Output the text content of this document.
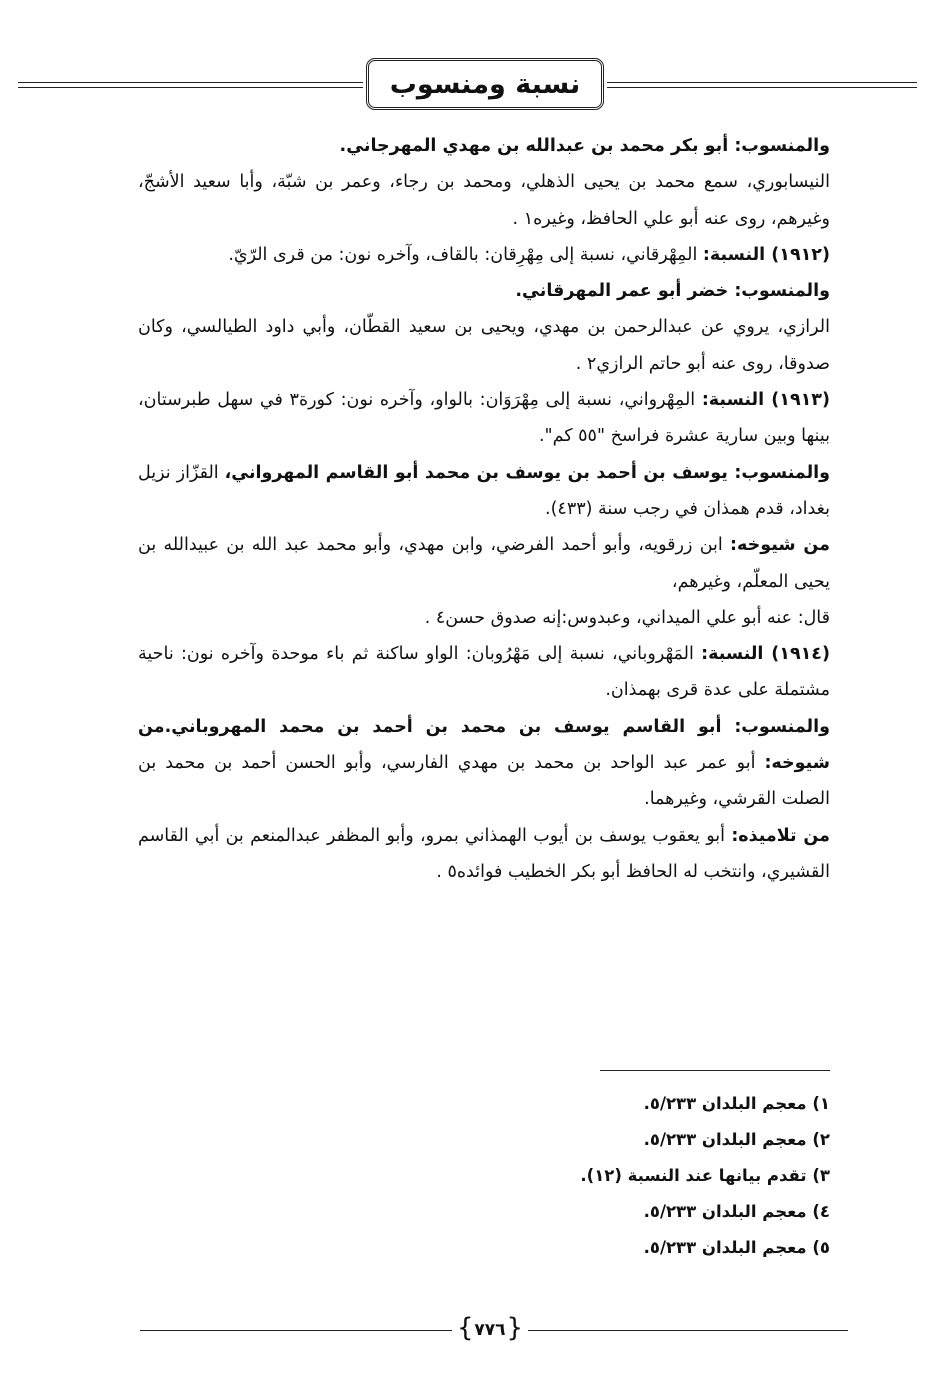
نسبة ومنسوب

والمنسوب: أبو بكر محمد بن عبدالله بن مهدي المهرجاني.

النيسابوري، سمع محمد بن يحيى الذهلي، ومحمد بن رجاء، وعمر بن شبّة، وأبا سعيد الأشجّ، وغيرهم، روى عنه أبو علي الحافظ، وغيره١ .

(١٩١٢) النسبة: المِهْرقاني، نسبة إلى مِهْرِقان: بالقاف، وآخره نون: من قرى الرّيّ.

والمنسوب: خضر أبو عمر المهرقاني.

الرازي، يروي عن عبدالرحمن بن مهدي، ويحيى بن سعيد القطّان، وأبي داود الطيالسي، وكان صدوقا، روى عنه أبو حاتم الرازي٢ .

(١٩١٣) النسبة: المِهْرواني، نسبة إلى مِهْرَوَان: بالواو، وآخره نون: كورة٣ في سهل طبرستان، بينها وبين سارية عشرة فراسخ "٥٥ كم".

والمنسوب: يوسف بن أحمد بن يوسف بن محمد أبو القاسم المهرواني، القزّاز نزيل بغداد، قدم همذان في رجب سنة (٤٣٣).

من شيوخه: ابن زرقويه، وأبو أحمد الفرضي، وابن مهدي، وأبو محمد عبد الله بن عبيدالله بن يحيى المعلّم، وغيرهم،

قال: عنه أبو علي الميداني، وعبدوس:إنه صدوق حسن٤ .

(١٩١٤) النسبة: المَهْروباني، نسبة إلى مَهْرُوبان: الواو ساكنة ثم باء موحدة وآخره نون: ناحية مشتملة على عدة قرى بهمذان.

والمنسوب: أبو القاسم يوسف بن محمد بن أحمد بن محمد المهروباني.من شيوخه: أبو عمر عبد الواحد بن محمد بن مهدي الفارسي، وأبو الحسن أحمد بن محمد بن الصلت القرشي، وغيرهما.

من تلاميذه: أبو يعقوب يوسف بن أيوب الهمذاني بمرو، وأبو المظفر عبدالمنعم بن أبي القاسم القشيري، وانتخب له الحافظ أبو بكر الخطيب فوائده٥ .

١) معجم البلدان ٥/٢٣٣.
٢) معجم البلدان ٥/٢٣٣.
٣) تقدم بيانها عند النسبة (١٢).
٤) معجم البلدان ٥/٢٣٣.
٥) معجم البلدان ٥/٢٣٣.
{ ٧٧٦ }
